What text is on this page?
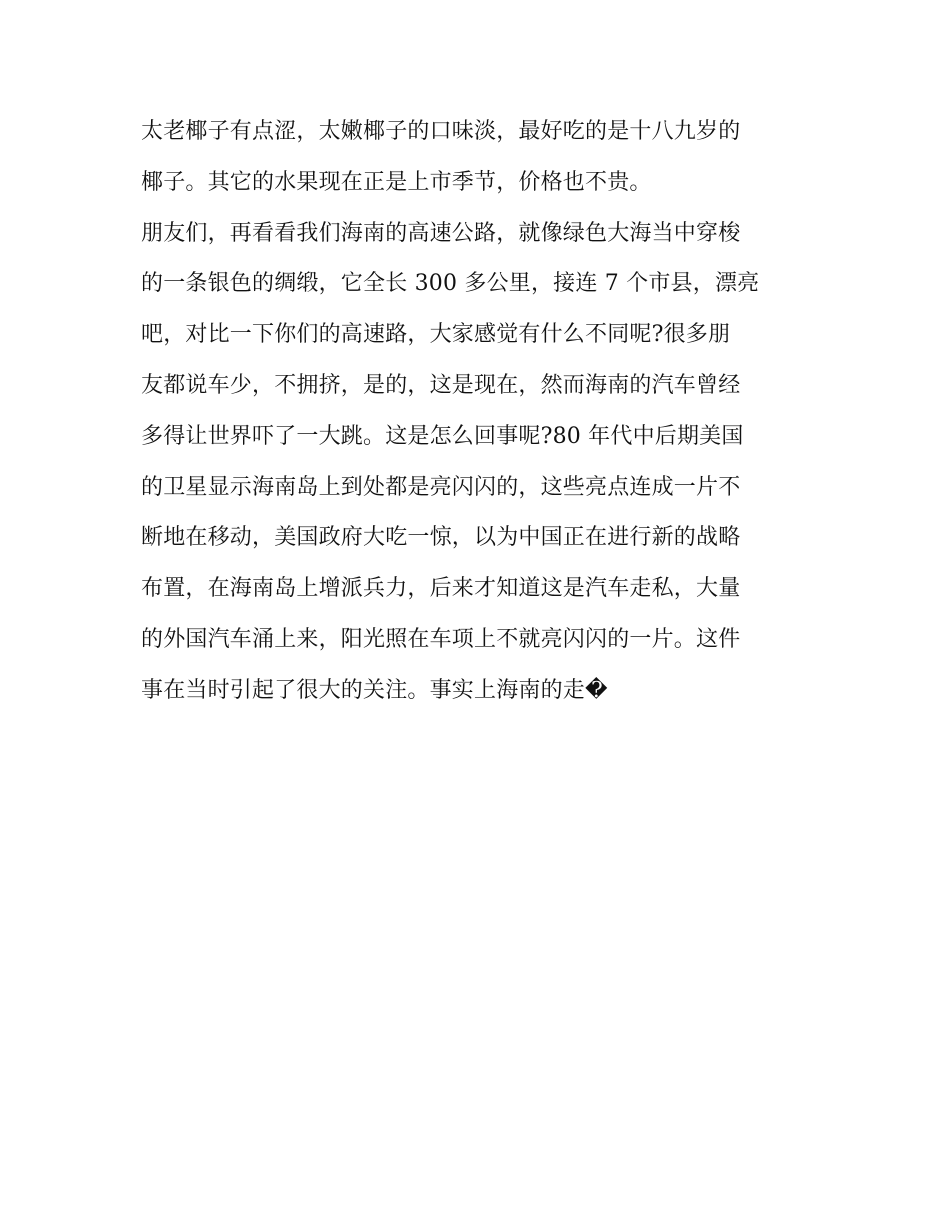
太老椰子有点涩，太嫩椰子的口味淡，最好吃的是十八九岁的
椰子。其它的水果现在正是上市季节，价格也不贵。
朋友们，再看看我们海南的高速公路，就像绿色大海当中穿梭
的一条银色的绸缎，它全长 300 多公里，接连 7 个市县，漂亮
吧，对比一下你们的高速路，大家感觉有什么不同呢?很多朋
友都说车少，不拥挤，是的，这是现在，然而海南的汽车曾经
多得让世界吓了一大跳。这是怎么回事呢?80 年代中后期美国
的卫星显示海南岛上到处都是亮闪闪的，这些亮点连成一片不
断地在移动，美国政府大吃一惊，以为中国正在进行新的战略
布置，在海南岛上增派兵力，后来才知道这是汽车走私，大量
的外国汽车涌上来，阳光照在车项上不就亮闪闪的一片。这件
事在当时引起了很大的关注。事实上海南的走�
